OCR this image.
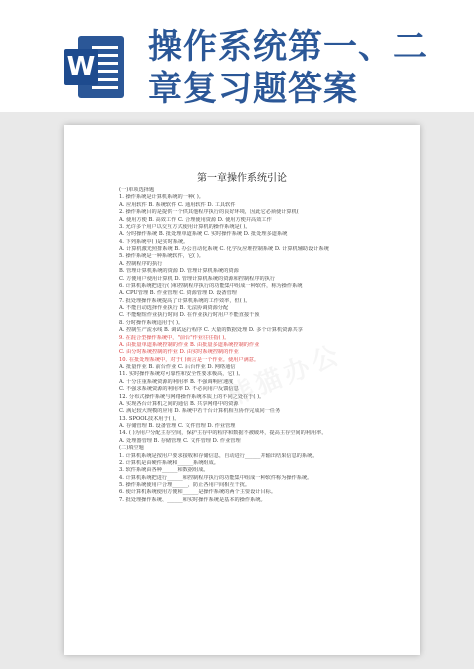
W 操作系统第一、二
章复习题答案
第一章操作系统引论
(一)单项选择题
1. 操作系统是计算机系统的一种( )。
A. 应用软件 B. 系统软件 C. 通用软件 D. 工具软件
2. 操作系统目的是提供一个供其他程序执行的良好环境，因此它必须使计算机(
A. 使用方便 B. 高效工作 C. 合理使用资源 D. 使用方便并高效工作
3. 允许多个用户以交互方式使用计算机的操作系统是( )。
A. 分时操作系统 B. 批处理单道系统 C. 实时操作系统 D. 批处理多道系统
4. 下列系统中( )是实时系统。
A. 计算机激光照排系统 B. 办公自动化系统 C. 化学反应堆控制系统 D. 计算机辅助设计系统
5. 操作系统是一种系统软件，它( )。
A. 控制程序的执行
B. 管理计算机系统的资源 D. 管理计算机系统的资源
C. 方便用户使用计算机 D. 管理计算机系统的资源和控制程序的执行
6. 计算机系统把进行( )和控制程序执行的功能集中组成一种软件，称为操作系统
A. CPU管理 B. 作业管理 C. 资源管理 D. 设备管理
7. 批处理操作系统提高了计算机系统的工作效率，但( )。
A. 不能自动选择作业执行 B. 无法协调资源分配
C. 不能缩短作业执行时间 D. 在作业执行时用户不能直接干预
8. 分时操作系统适用于( )。
A. 控制生产流水线 B. 调试运行程序 C. 大量的数据处理 D. 多个计算机资源共享
9. 在混合型操作系统中，"前台"作业往往指( )。
A. 由批量单道系统控制的作业 B. 由批量多道系统控制的作业
C. 由分时系统控制的作业 D. 由实时系统控制的作业
10. 在批处理系统中，对于( )而言是一个作业。使用户满意。
A. 批量作业 B. 前台作业 C. 后台作业 D. 网络通信
11. 实时操作系统对可靠性和安全性要求极高，它( )。
A. 十分注重系统资源的利用率 B. 不强调响应速度
C. 不强求系统资源的利用率 D. 不必向用户反馈信息
12. 分布式操作系统与网络操作系统本质上的不同之处在于( )。
A. 实现各台计算机之间的通信 B. 共享网络中的资源
C. 满足较大规模的应用 D. 系统中若干台计算机相互协作完成同一任务
13. SPOOL技术用于( )。
A. 存储管理 B. 设备管理 C. 文件管理 D. 作业管理
14. ( )为用户分配主存空间，保护主存中的程序和数据不被破坏，提高主存空间的利用率。
A. 处理器管理 B. 存储管理 C. 文件管理 D. 作业管理
(二)填空题
1. 计算机系统是按用户要求接收和存储信息，自动进行______并输出结果信息的系统。
2. 计算机是由硬件系统和______系统组成。
3. 软件系统由各种______和数据组成。
4. 计算机系统把进行______和控制程序执行的功能集中组成一种软件称为操作系统。
5. 操作系统使用户合理______，防止各用户间相互干扰。
6. 使计算机系统使用方便和______是操作系统的两个主要设计目标。
7. 批处理操作系统、______和实时操作系统是基本的操作系统。
熊猫办公
